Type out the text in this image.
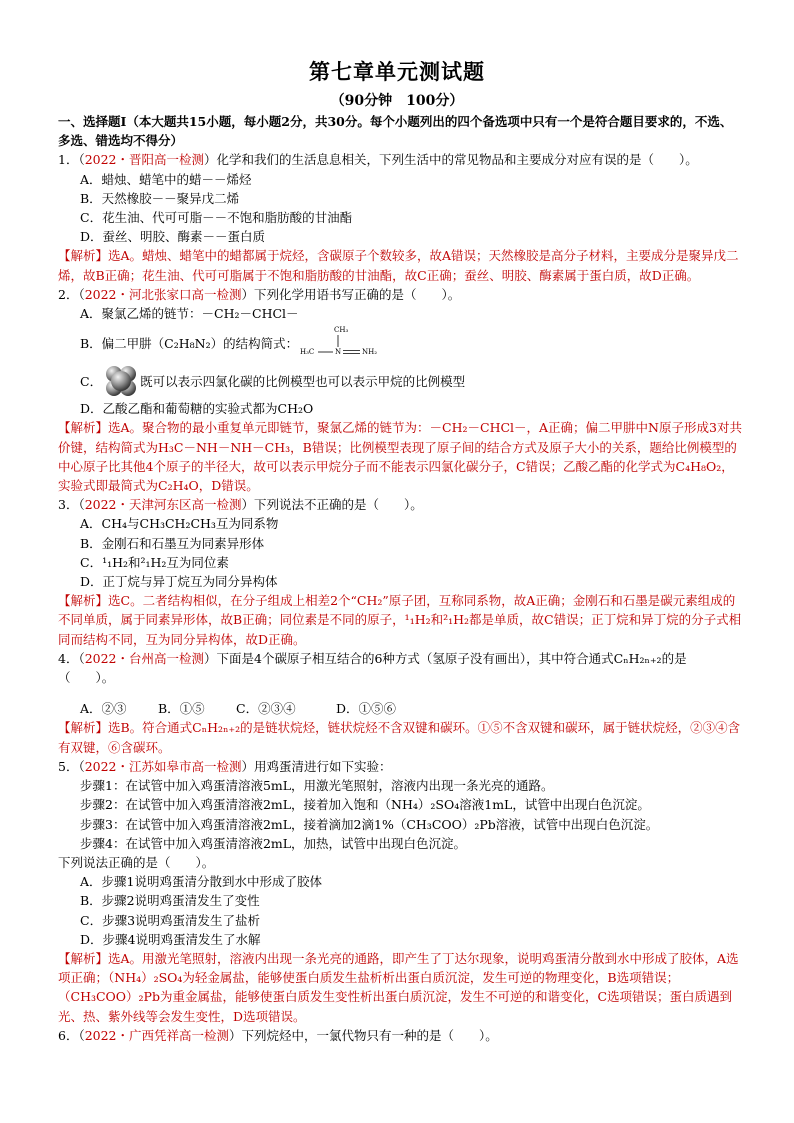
第七章单元测试题
（90分钟　100分）

一、选择题Ⅰ（本大题共15小题，每小题2分，共30分。每个小题列出的四个备选项中只有一个是符合题目要求的，不选、多选、错选均不得分）

1．（2022・晋阳高一检测）化学和我们的生活息息相关，下列生活中的常见物品和主要成分对应有误的是（　　）。

A．蜡烛、蜡笔中的蜡－－烯烃

B．天然橡胶－－聚异戊二烯

C．花生油、代可可脂－－不饱和脂肪酸的甘油酯

D．蚕丝、明胶、酶素－－蛋白质

【解析】选A。蜡烛、蜡笔中的蜡都属于烷烃，含碳原子个数较多，故A错误；天然橡胶是高分子材料，主要成分是聚异戊二烯，故B正确；花生油、代可可脂属于不饱和脂肪酸的甘油酯，故C正确；蚕丝、明胶、酶素属于蛋白质，故D正确。

2．（2022・河北张家口高一检测）下列化学用语书写正确的是（　　）。

A．聚氯乙烯的链节：－CH₂－CHCl－

B．偏二甲肼（C₂H₈N₂）的结构简式：
CH₃
H₃C	N	NH₂
C．	既可以表示四氯化碳的比例模型也可以表示甲烷的比例模型

D．乙酸乙酯和葡萄糖的实验式都为CH₂O

【解析】选A。聚合物的最小重复单元即链节，聚氯乙烯的链节为：－CH₂－CHCl－，A正确；偏二甲肼中N原子形成3对共价键，结构简式为H₃C－NH－NH－CH₃，B错误；比例模型表现了原子间的结合方式及原子大小的关系，题给比例模型的中心原子比其他4个原子的半径大，故可以表示甲烷分子而不能表示四氯化碳分子，C错误；乙酸乙酯的化学式为C₄H₈O₂，实验式即最简式为C₂H₄O，D错误。

3．（2022・天津河东区高一检测）下列说法不正确的是（　　）。

A．CH₄与CH₃CH₂CH₃互为同系物

B．金刚石和石墨互为同素异形体

C．¹₁H₂和²₁H₂互为同位素

D．正丁烷与异丁烷互为同分异构体

【解析】选C。二者结构相似，在分子组成上相差2个“CH₂”原子团，互称同系物，故A正确；金刚石和石墨是碳元素组成的不同单质，属于同素异形体，故B正确；同位素是不同的原子，¹₁H₂和²₁H₂都是单质，故C错误；正丁烷和异丁烷的分子式相同而结构不同，互为同分异构体，故D正确。

4．（2022・台州高一检测）下面是4个碳原子相互结合的6种方式（氢原子没有画出），其中符合通式CₙH₂ₙ₊₂的是（　　）。

A．②③	B．①⑤	C．②③④	D．①⑤⑥

【解析】选B。符合通式CₙH₂ₙ₊₂的是链状烷烃，链状烷烃不含双键和碳环。①⑤不含双键和碳环，属于链状烷烃，②③④含有双键，⑥含碳环。

5．（2022・江苏如皋市高一检测）用鸡蛋清进行如下实验：

步骤1：在试管中加入鸡蛋清溶液5mL，用激光笔照射，溶液内出现一条光亮的通路。

步骤2：在试管中加入鸡蛋清溶液2mL，接着加入饱和（NH₄）₂SO₄溶液1mL，试管中出现白色沉淀。

步骤3：在试管中加入鸡蛋清溶液2mL，接着滴加2滴1%（CH₃COO）₂Pb溶液，试管中出现白色沉淀。

步骤4：在试管中加入鸡蛋清溶液2mL，加热，试管中出现白色沉淀。

下列说法正确的是（　　）。

A．步骤1说明鸡蛋清分散到水中形成了胶体

B．步骤2说明鸡蛋清发生了变性

C．步骤3说明鸡蛋清发生了盐析

D．步骤4说明鸡蛋清发生了水解

【解析】选A。用激光笔照射，溶液内出现一条光亮的通路，即产生了丁达尔现象，说明鸡蛋清分散到水中形成了胶体，A选项正确；（NH₄）₂SO₄为轻金属盐，能够使蛋白质发生盐析析出蛋白质沉淀，发生可逆的物理变化，B选项错误；（CH₃COO）₂Pb为重金属盐，能够使蛋白质发生变性析出蛋白质沉淀，发生不可逆的和谐变化，C选项错误；蛋白质遇到光、热、紫外线等会发生变性，D选项错误。

6．（2022・广西凭祥高一检测）下列烷烃中，一氯代物只有一种的是（　　）。
